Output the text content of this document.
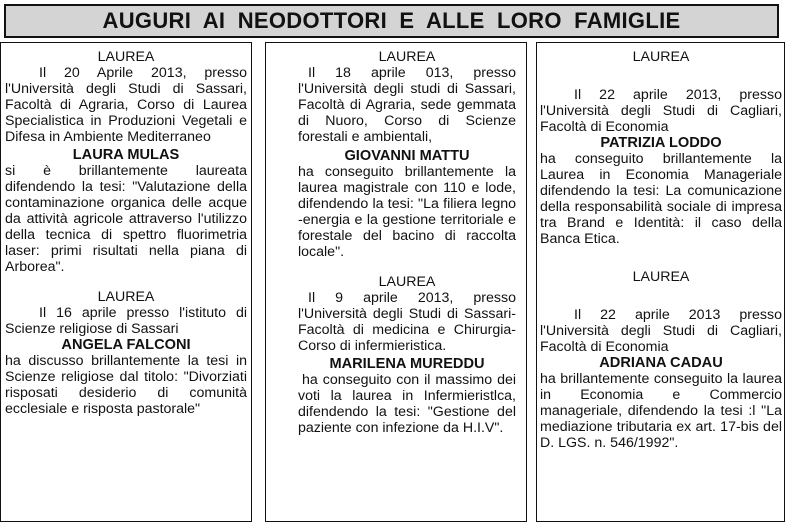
AUGURI AI NEODOTTORI E ALLE LORO FAMIGLIE
LAUREA
Il 20 Aprile 2013, presso l'Università degli Studi di Sassari, Facoltà di Agraria, Corso di Laurea Specialistica in Produzioni Vegetali e Difesa in Ambiente Mediterraneo
LAURA MULAS
si è brillantemente laureata difendendo la tesi: "Valutazione della contaminazione organica delle acque da attività agricole attraverso l'utilizzo della tecnica di spettro fluorimetria laser: primi risultati nella piana di Arborea".
LAUREA
Il 16 aprile presso l'istituto di Scienze religiose di Sassari
ANGELA FALCONI
ha discusso brillantemente la tesi in Scienze religiose dal titolo: "Divorziati risposati desiderio di comunità ecclesiale e risposta pastorale"
LAUREA
Il 18 aprile 013, presso l'Università degli studi di Sassari, Facoltà di Agraria, sede gemmata di Nuoro, Corso di Scienze forestali e ambientali,
GIOVANNI MATTU
ha conseguito brillantemente la laurea magistrale con 110 e lode, difendendo la tesi: "La filiera legno -energia e la gestione territoriale e forestale del bacino di raccolta locale".
LAUREA
Il 9 aprile 2013, presso l'Università degli Studi di Sassari- Facoltà di medicina e Chirurgia- Corso di infermieristica.
MARILENA MUREDDU
ha conseguito con il massimo dei voti la laurea in Infermieristlca, difendendo la tesi: "Gestione del paziente con infezione da H.I.V".
LAUREA
Il 22 aprile 2013, presso l'Università degli Studi di Cagliari, Facoltà di Economia
PATRIZIA LODDO
ha conseguito brillantemente la Laurea in Economia Manageriale difendendo la tesi: La comunicazione della responsabilità sociale di impresa tra Brand e Identità: il caso della Banca Etica.
LAUREA
Il 22 aprile 2013 presso l'Università degli Studi di Cagliari, Facoltà di Economia
ADRIANA CADAU
ha brillantemente conseguito la laurea in Economia e Commercio manageriale, difendendo la tesi :l "La mediazione tributaria ex art. 17-bis del D. LGS. n. 546/1992".
